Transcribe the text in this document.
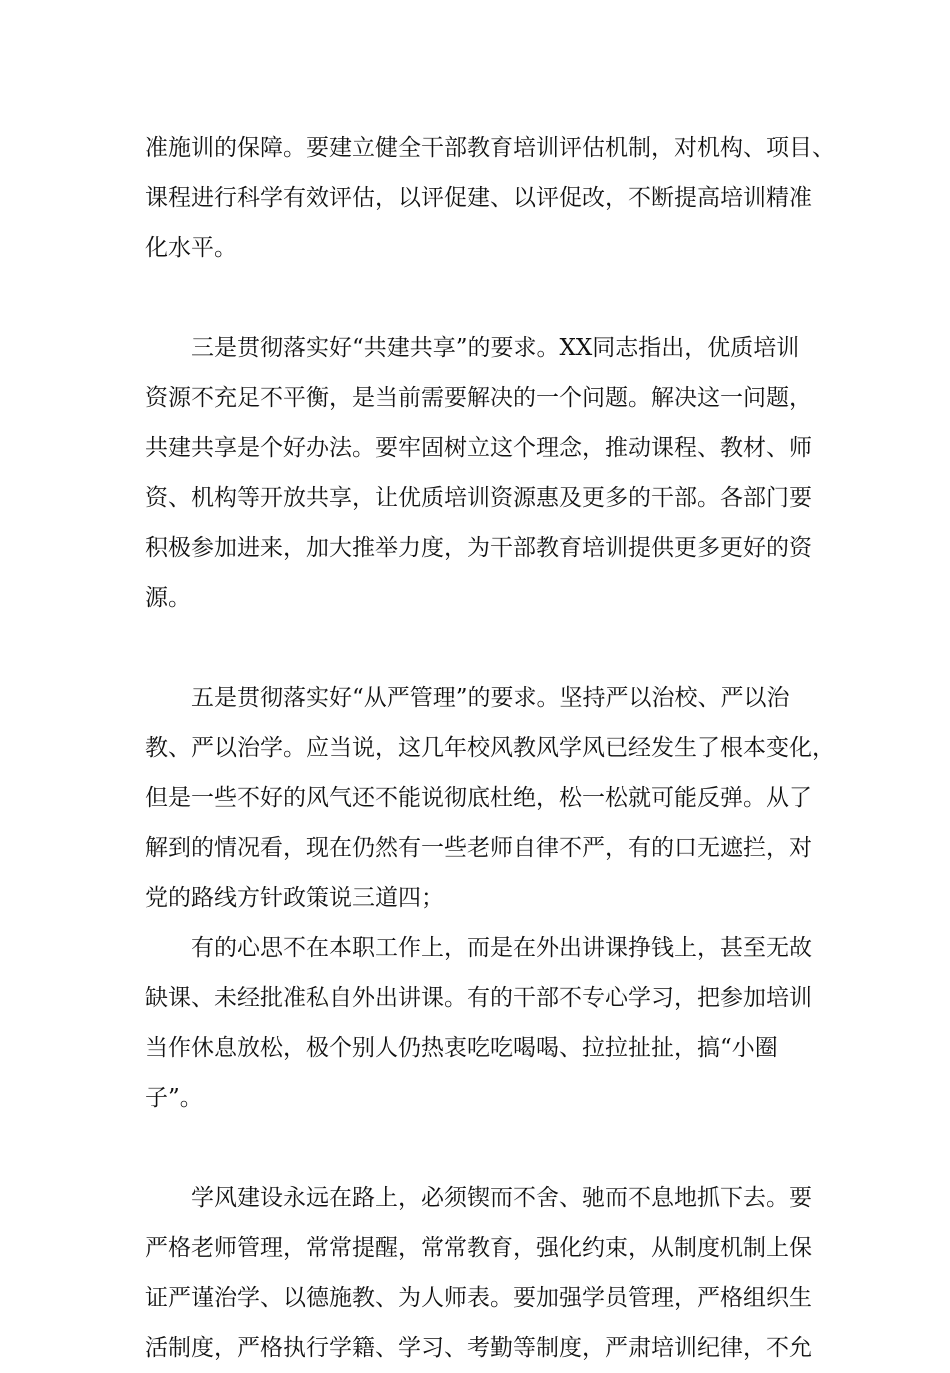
准施训的保障。要建立健全干部教育培训评估机制，对机构、项目、
课程进行科学有效评估，以评促建、以评促改，不断提高培训精准
化水平。
　　三是贯彻落实好“共建共享”的要求。XX同志指出，优质培训
资源不充足不平衡，是当前需要解决的一个问题。解决这一问题，
共建共享是个好办法。要牢固树立这个理念，推动课程、教材、师
资、机构等开放共享，让优质培训资源惠及更多的干部。各部门要
积极参加进来，加大推举力度，为干部教育培训提供更多更好的资
源。
　　五是贯彻落实好“从严管理”的要求。坚持严以治校、严以治
教、严以治学。应当说，这几年校风教风学风已经发生了根本变化，
但是一些不好的风气还不能说彻底杜绝，松一松就可能反弹。从了
解到的情况看，现在仍然有一些老师自律不严，有的口无遮拦，对
党的路线方针政策说三道四；
　　有的心思不在本职工作上，而是在外出讲课挣钱上，甚至无故
缺课、未经批准私自外出讲课。有的干部不专心学习，把参加培训
当作休息放松，极个别人仍热衷吃吃喝喝、拉拉扯扯，搞“小圈
子”。
　　学风建设永远在路上，必须锲而不舍、驰而不息地抓下去。要
严格老师管理，常常提醒，常常教育，强化约束，从制度机制上保
证严谨治学、以德施教、为人师表。要加强学员管理，严格组织生
活制度，严格执行学籍、学习、考勤等制度，严肃培训纪律，不允
